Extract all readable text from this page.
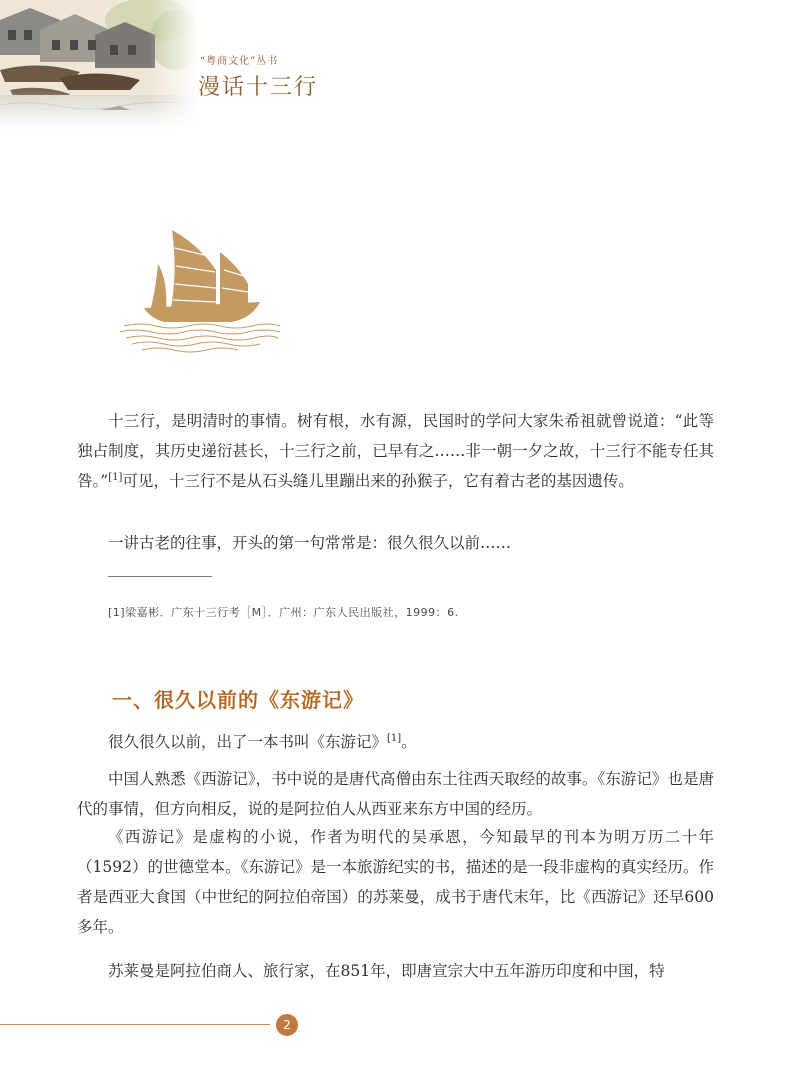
“粤商文化”丛书
漫话十三行

十三行，是明清时的事情。树有根，水有源，民国时的学问大家朱希祖就曾说道：“此等独占制度，其历史递衍甚长，十三行之前，已早有之……非一朝一夕之故，十三行不能专任其咎。”[1]可见，十三行不是从石头缝儿里蹦出来的孙猴子，它有着古老的基因遗传。

一讲古老的往事，开头的第一句常常是：很久很久以前……

[1]梁嘉彬．广东十三行考［M］．广州：广东人民出版社，1999：6.
一、很久以前的《东游记》

很久很久以前，出了一本书叫《东游记》[1]。

中国人熟悉《西游记》，书中说的是唐代高僧由东土往西天取经的故事。《东游记》也是唐代的事情，但方向相反，说的是阿拉伯人从西亚来东方中国的经历。

《西游记》是虚构的小说，作者为明代的吴承恩，今知最早的刊本为明万历二十年（1592）的世德堂本。《东游记》是一本旅游纪实的书，描述的是一段非虚构的真实经历。作者是西亚大食国（中世纪的阿拉伯帝国）的苏莱曼，成书于唐代末年，比《西游记》还早600多年。

苏莱曼是阿拉伯商人、旅行家，在851年，即唐宣宗大中五年游历印度和中国，特

2
